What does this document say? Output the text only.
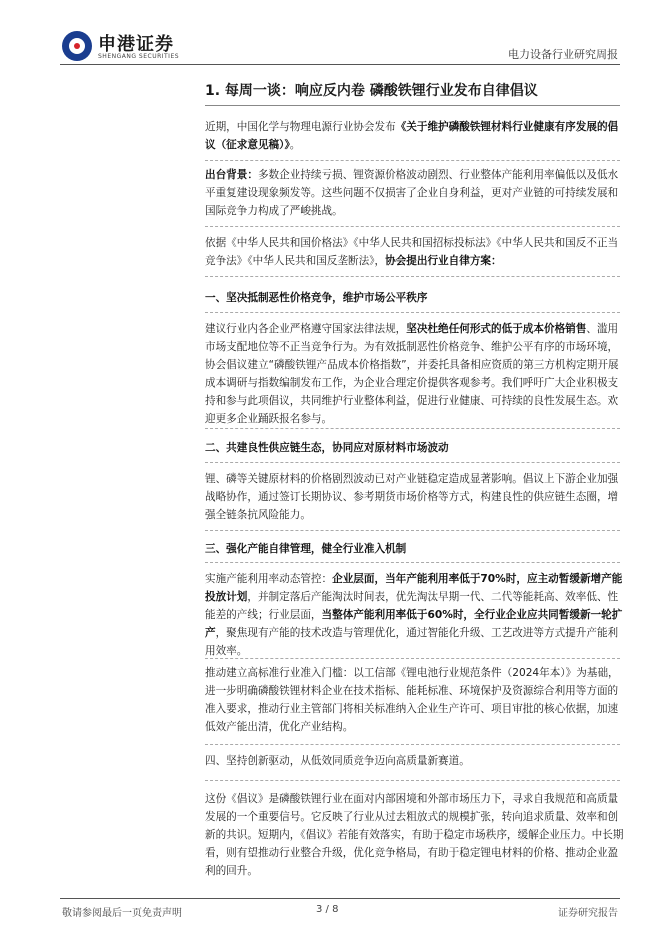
申港证券
SHENGANG SECURITIES	电力设备行业研究周报
1. 每周一谈：响应反内卷 磷酸铁锂行业发布自律倡议
近期，中国化学与物理电源行业协会发布《关于维护磷酸铁锂材料行业健康有序发展的倡议（征求意见稿）》。
出台背景：多数企业持续亏损、锂资源价格波动剧烈、行业整体产能利用率偏低以及低水平重复建设现象频发等。这些问题不仅损害了企业自身利益，更对产业链的可持续发展和国际竞争力构成了严峻挑战。
依据《中华人民共和国价格法》《中华人民共和国招标投标法》《中华人民共和国反不正当竞争法》《中华人民共和国反垄断法》，协会提出行业自律方案：
一、坚决抵制恶性价格竞争，维护市场公平秩序
建议行业内各企业严格遵守国家法律法规，坚决杜绝任何形式的低于成本价格销售、滥用市场支配地位等不正当竞争行为。为有效抵制恶性价格竞争、维护公平有序的市场环境，协会倡议建立“磷酸铁锂产品成本价格指数”，并委托具备相应资质的第三方机构定期开展成本调研与指数编制发布工作，为企业合理定价提供客观参考。我们呼吁广大企业积极支持和参与此项倡议，共同维护行业整体利益，促进行业健康、可持续的良性发展生态。欢迎更多企业踊跃报名参与。
二、共建良性供应链生态，协同应对原材料市场波动
锂、磷等关键原材料的价格剧烈波动已对产业链稳定造成显著影响。倡议上下游企业加强战略协作，通过签订长期协议、参考期货市场价格等方式，构建良性的供应链生态圈，增强全链条抗风险能力。
三、强化产能自律管理，健全行业准入机制
实施产能利用率动态管控：企业层面，当年产能利用率低于70%时，应主动暂缓新增产能投放计划，并制定落后产能淘汰时间表，优先淘汰早期一代、二代等能耗高、效率低、性能差的产线；行业层面，当整体产能利用率低于60%时，全行业企业应共同暂缓新一轮扩产，聚焦现有产能的技术改造与管理优化，通过智能化升级、工艺改进等方式提升产能利用效率。
推动建立高标准行业准入门槛：以工信部《锂电池行业规范条件（2024年本）》为基础，进一步明确磷酸铁锂材料企业在技术指标、能耗标准、环境保护及资源综合利用等方面的准入要求，推动行业主管部门将相关标准纳入企业生产许可、项目审批的核心依据，加速低效产能出清，优化产业结构。
四、坚持创新驱动，从低效同质竞争迈向高质量新赛道。
这份《倡议》是磷酸铁锂行业在面对内部困境和外部市场压力下，寻求自我规范和高质量发展的一个重要信号。它反映了行业从过去粗放式的规模扩张，转向追求质量、效率和创新的共识。短期内，《倡议》若能有效落实，有助于稳定市场秩序，缓解企业压力。中长期看，则有望推动行业整合升级，优化竞争格局，有助于稳定锂电材料的价格、推动企业盈利的回升。
敬请参阅最后一页免责声明	3 / 8	证券研究报告
